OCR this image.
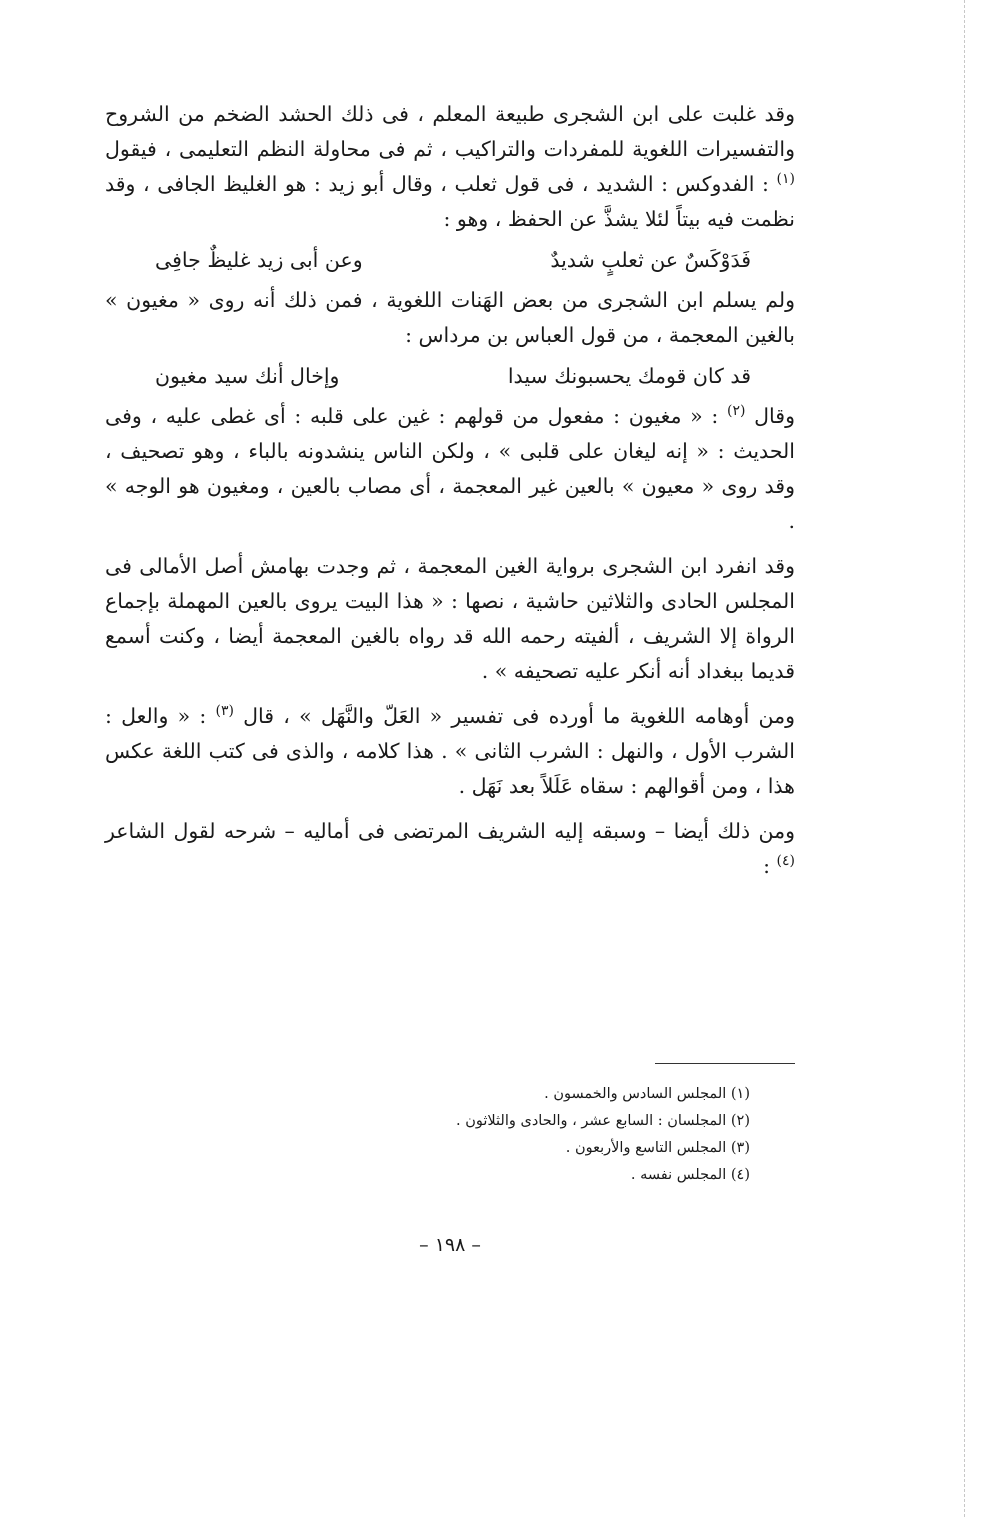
وقد غلبت على ابن الشجرى طبيعة المعلم ، فى ذلك الحشد الضخم من الشروح والتفسيرات اللغوية للمفردات والتراكيب ، ثم فى محاولة النظم التعليمى ، فيقول $^{(١)}$ : الفدوكس : الشديد ، فى قول ثعلب ، وقال أبو زيد : هو الغليظ الجافى ، وقد نظمت فيه بيتاً لئلا يشذَّ عن الحفظ ، وهو :

فَدَوْكَسٌ عن ثعلبٍ شديدٌ
وعن أبى زيد غليظٌ جافِى

ولم يسلم ابن الشجرى من بعض الهَنات اللغوية ، فمن ذلك أنه روى « مغيون » بالغين المعجمة ، من قول العباس بن مرداس :

قد كان قومك يحسبونك سيدا
وإخال أنك سيد مغيون

وقال $^{(٢)}$ : « مغيون : مفعول من قولهم : غين على قلبه : أى غطى عليه ، وفى الحديث : « إنه ليغان على قلبى » ، ولكن الناس ينشدونه بالباء ، وهو تصحيف ، وقد روى « معيون » بالعين غير المعجمة ، أى مصاب بالعين ، ومغيون هو الوجه » .

وقد انفرد ابن الشجرى برواية الغين المعجمة ، ثم وجدت بهامش أصل الأمالى فى المجلس الحادى والثلاثين حاشية ، نصها : « هذا البيت يروى بالعين المهملة بإجماع الرواة إلا الشريف ، ألفيته رحمه الله قد رواه بالغين المعجمة أيضا ، وكنت أسمع قديما ببغداد أنه أنكر عليه تصحيفه » .

ومن أوهامه اللغوية ما أورده فى تفسير « العَلّ والنَّهَل » ، قال $^{(٣)}$ : « والعل : الشرب الأول ، والنهل : الشرب الثانى » . هذا كلامه ، والذى فى كتب اللغة عكس هذا ، ومن أقوالهم : سقاه عَلَلاً بعد نَهَل .

ومن ذلك أيضا – وسبقه إليه الشريف المرتضى فى أماليه – شرحه لقول الشاعر $^{(٤)}$ :

(١) المجلس السادس والخمسون .
(٢) المجلسان : السابع عشر ، والحادى والثلاثون .
(٣) المجلس التاسع والأربعون .
(٤) المجلس نفسه .
– ١٩٨ –
